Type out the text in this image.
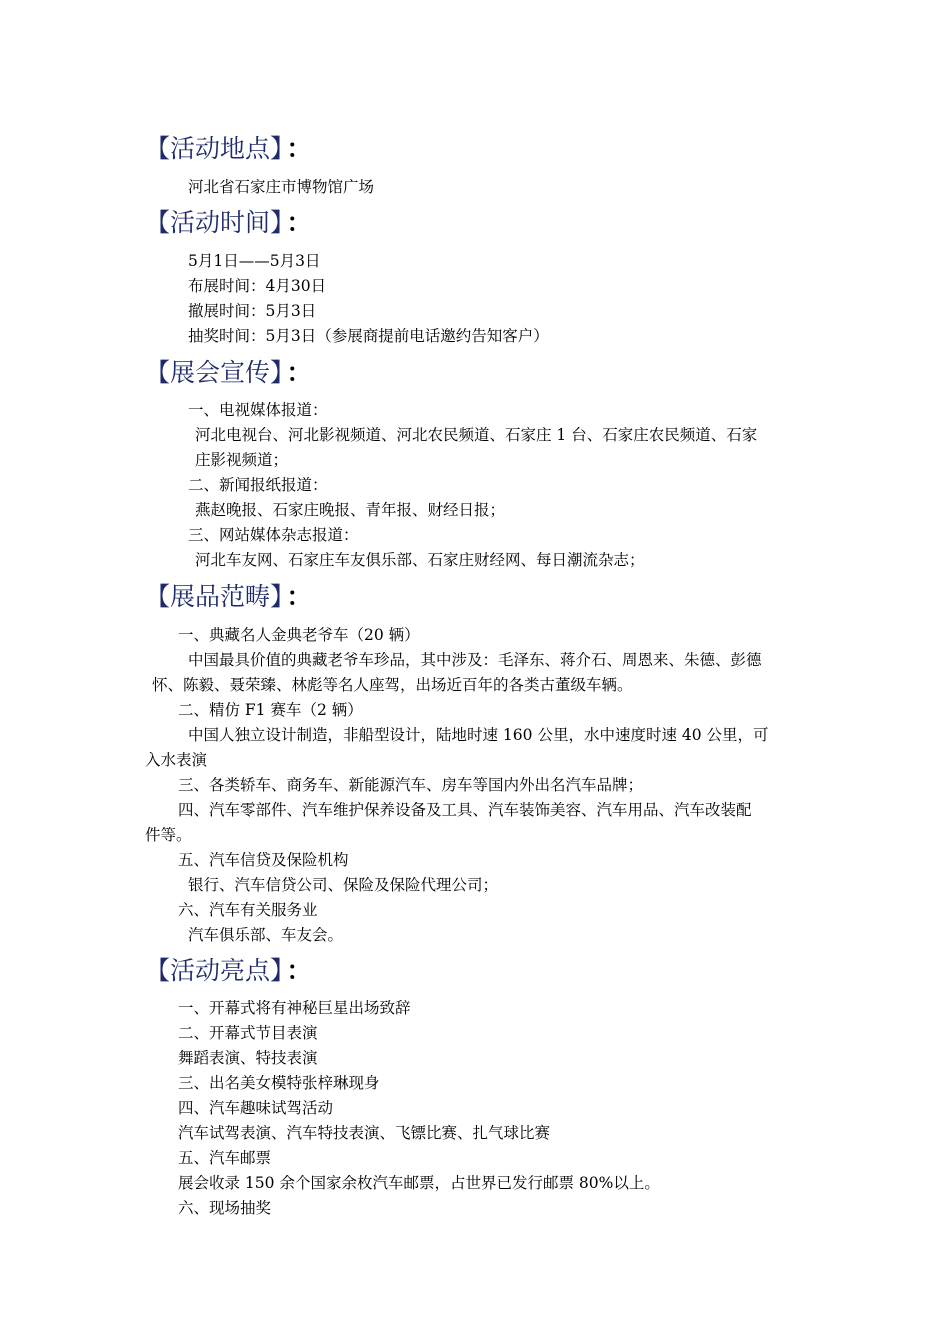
【活动地点】 ：
河北省石家庄市博物馆广场
【活动时间】 ：
5月1日——5月3日
布展时间：4月30日
撤展时间：5月3日
抽奖时间：5月3日（参展商提前电话邀约告知客户）
【展会宣传】 ：
一、电视媒体报道：
河北电视台、河北影视频道、河北农民频道、石家庄 1 台、石家庄农民频道、石家
庄影视频道；
二、新闻报纸报道：
燕赵晚报、石家庄晚报、青年报、财经日报；
三、网站媒体杂志报道：
河北车友网、石家庄车友俱乐部、石家庄财经网、每日潮流杂志；
【展品范畴】 ：
一、典藏名人金典老爷车（20 辆）
中国最具价值的典藏老爷车珍品，其中涉及：毛泽东、蒋介石、周恩来、朱德、彭德
怀、陈毅、聂荣臻、林彪等名人座驾，出场近百年的各类古董级车辆。
二、精仿 F1 赛车（2 辆）
中国人独立设计制造，非船型设计，陆地时速 160 公里，水中速度时速 40 公里，可
入水表演
三、各类轿车、商务车、新能源汽车、房车等国内外出名汽车品牌；
四、汽车零部件、汽车维护保养设备及工具、汽车装饰美容、汽车用品、汽车改装配
件等。
五、汽车信贷及保险机构
银行、汽车信贷公司、保险及保险代理公司；
六、汽车有关服务业
汽车俱乐部、车友会。
【活动亮点】 ：
一、开幕式将有神秘巨星出场致辞
二、开幕式节目表演
舞蹈表演、特技表演
三、出名美女模特张梓琳现身
四、汽车趣味试驾活动
汽车试驾表演、汽车特技表演、飞镖比赛、扎气球比赛
五、汽车邮票
展会收录 150 余个国家余枚汽车邮票，占世界已发行邮票 80%以上。
六、现场抽奖
